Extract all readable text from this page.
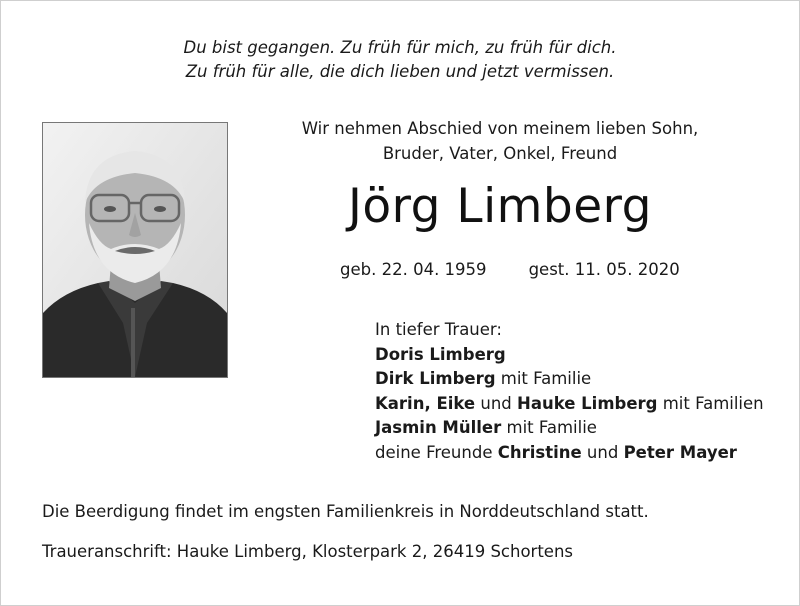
Du bist gegangen. Zu früh für mich, zu früh für dich.
Zu früh für alle, die dich lieben und jetzt vermissen.
Wir nehmen Abschied von meinem lieben Sohn,
Bruder, Vater, Onkel, Freund
Jörg Limberg
geb. 22. 04. 1959	gest. 11. 05. 2020
In tiefer Trauer:
Doris Limberg
Dirk Limberg mit Familie
Karin, Eike und Hauke Limberg mit Familien
Jasmin Müller mit Familie
deine Freunde Christine und Peter Mayer
Die Beerdigung findet im engsten Familienkreis in Norddeutschland statt.
Traueranschrift: Hauke Limberg, Klosterpark 2, 26419 Schortens
